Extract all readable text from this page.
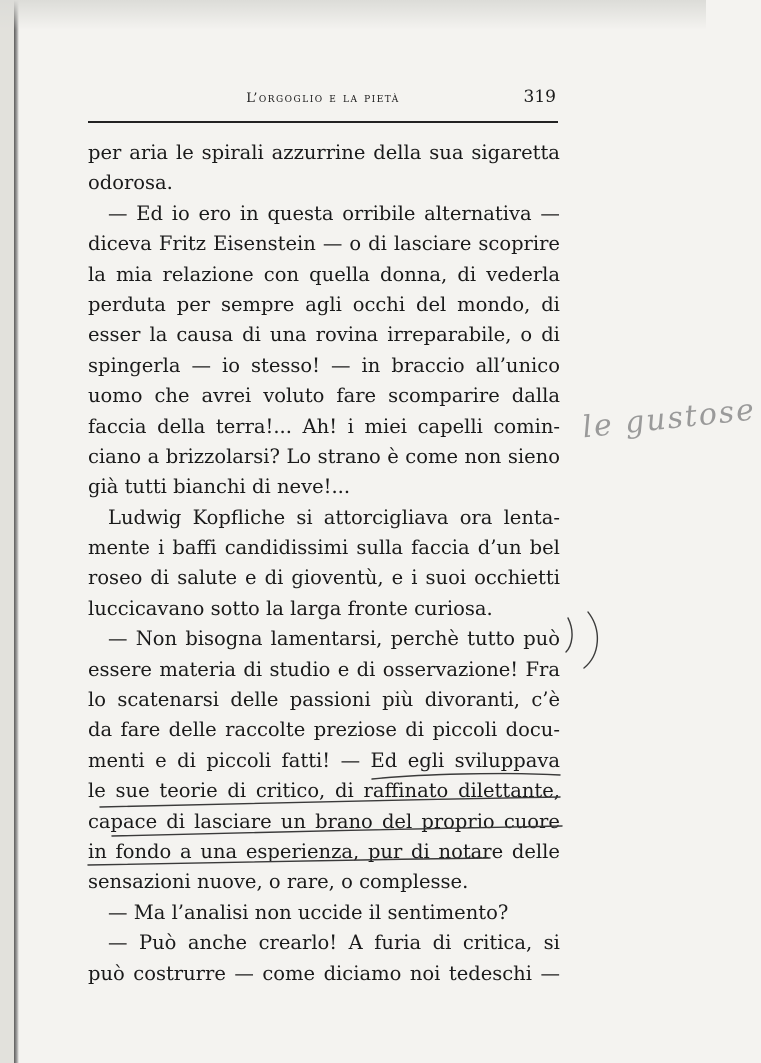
L’orgoglio e la pietà	319
per aria le spirali azzurrine della sua sigaretta
odorosa.
— Ed io ero in questa orribile alternativa —
diceva Fritz Eisenstein — o di lasciare scoprire
la mia relazione con quella donna, di vederla
perduta per sempre agli occhi del mondo, di
esser la causa di una rovina irreparabile, o di
spingerla — io stesso! — in braccio all’unico
uomo che avrei voluto fare scomparire dalla
faccia della terra!... Ah! i miei capelli comin-
ciano a brizzolarsi? Lo strano è come non sieno
già tutti bianchi di neve!...
Ludwig Kopfliche si attorcigliava ora lenta-
mente i baffi candidissimi sulla faccia d’un bel
roseo di salute e di gioventù, e i suoi occhietti
luccicavano sotto la larga fronte curiosa.
— Non bisogna lamentarsi, perchè tutto può
essere materia di studio e di osservazione! Fra
lo scatenarsi delle passioni più divoranti, c’è
da fare delle raccolte preziose di piccoli docu-
menti e di piccoli fatti! — Ed egli sviluppava
le sue teorie di critico, di raffinato dilettante,
capace di lasciare un brano del proprio cuore
in fondo a una esperienza, pur di notare delle
sensazioni nuove, o rare, o complesse.
— Ma l’analisi non uccide il sentimento?
— Può anche crearlo! A furia di critica, si
può costrurre — come diciamo noi tedeschi —
le gustose
